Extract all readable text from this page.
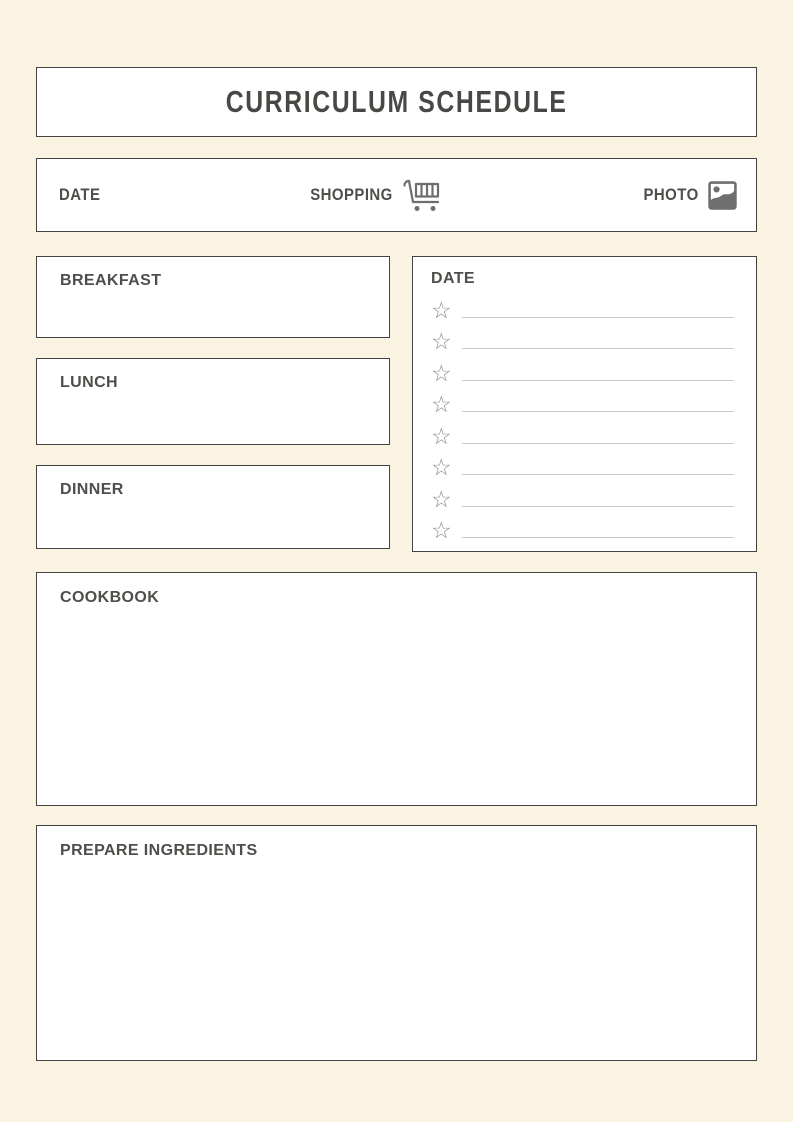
CURRICULUM SCHEDULE
DATE	SHOPPING	PHOTO
BREAKFAST
LUNCH
DINNER
DATE
☆
☆
☆
☆
☆
☆
☆
☆
COOKBOOK
PREPARE INGREDIENTS
